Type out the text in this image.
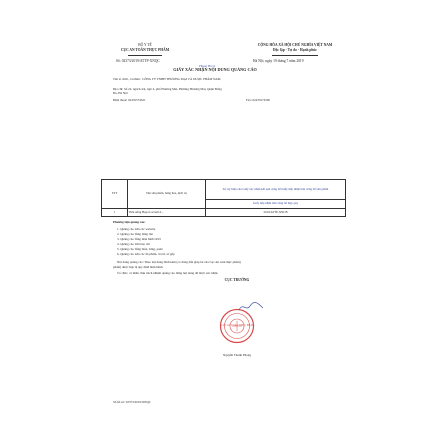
BỘ Y TẾ
CỤC AN TOÀN THỰC PHẨM
CỘNG HÒA XÃ HỘI CHỦ NGHĨA VIỆT NAM
Độc lập - Tự do - Hạnh phúc
Số: 02373/2019/ATTP-XNQC	Hà Nội, ngày 19 tháng 7 năm 2019
Phụng Hà Lĩ
GIẤY XÁC NHẬN NỘI DUNG QUẢNG CÁO
Tên tổ chức, cá nhân : CÔNG TY TNHH THƯƠNG MẠI VÀ DƯỢC PHẨM NAM
Địa chỉ: Số 22, ngách 4/4, ngõ 4, phố Phương Mai, Phường Phương Mai, Quận Đống
Đa, Hà Nội
Điện thoại: 02435574321	Fax: 02435574560
STT	Tên sản phẩm, hàng hóa, dịch vụ	Số, ký hiệu của Giấy xác nhận kết quả công bố/Giấy tiếp nhận bản công bố sản phẩm
		Giấy tiếp nhận bản công bố hợp quy
1	Viên uống Hepa Lacrem 0...	2019/ATTP-XNCB
Phương tiện quảng cáo:
1. Quảng cáo trên các website
2. Quảng cáo bằng băng rôn
3. Quảng cáo bằng màn hình LED
4. Quảng cáo trên báo chí
5. Quảng cáo bằng biển, bảng, panô
6. Quảng cáo trên các ấn phẩm, tờ rơi, tờ gấp
Nội dung quảng cáo: Theo nội dung đính kèm (có đóng dấu giáp lai của Cục An toàn thực phẩm)
phẩm) được hợp lệ quy định hiện hành.
Tổ chức, cá nhân chịu trách nhiệm quảng cáo đúng nội dung đã được xác nhận.
CỤC TRƯỞNG
CỤC AN TOÀN THỰC PHẨM
Nguyễn Thanh Phong
Số hồ sơ: 02373/2019/XNQC
